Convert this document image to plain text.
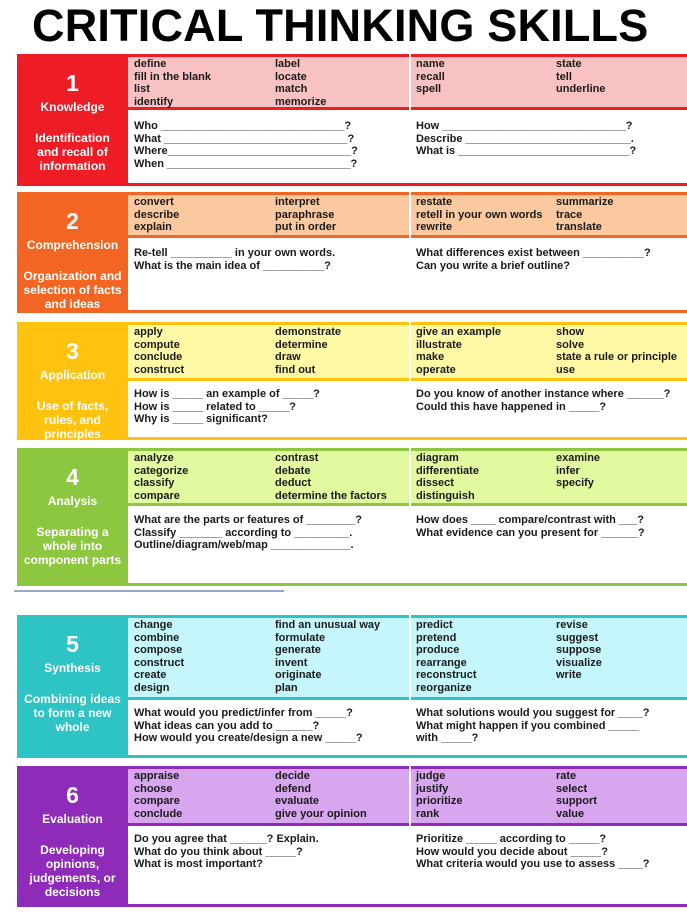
CRITICAL THINKING SKILLS
1
Knowledge
Identification and recall of information
define
fill in the blank
list
identify
label
locate
match
memorize
name
recall
spell
state
tell
underline
Who ______________________________?
What ______________________________?
Where______________________________?
When ______________________________?
How ______________________________?
Describe ___________________________.
What is ____________________________?
2
Comprehension
Organization and selection of facts and ideas
convert
describe
explain
interpret
paraphrase
put in order
restate
retell in your own words
rewrite
summarize
trace
translate
Re-tell __________ in your own words.
What is the main idea of __________?
What differences exist between __________?
Can you write a brief outline?
3
Application
Use of facts, rules, and principles
apply
compute
conclude
construct
demonstrate
determine
draw
find out
give an example
illustrate
make
operate
show
solve
state a rule or principle
use
How is _____ an example of _____?
How is _____ related to _____?
Why is _____ significant?
Do you know of another instance where ______?
Could this have happened in _____?
4
Analysis
Separating a whole into component parts
analyze
categorize
classify
compare
contrast
debate
deduct
determine the factors
diagram
differentiate
dissect
distinguish
examine
infer
specify
What are the parts or features of ________?
Classify _______ according to _________.
Outline/diagram/web/map _____________.
How does ____ compare/contrast with ___?
What evidence can you present for ______?
5
Synthesis
Combining ideas to form a new whole
change
combine
compose
construct
create
design
find an unusual way
formulate
generate
invent
originate
plan
predict
pretend
produce
rearrange
reconstruct
reorganize
revise
suggest
suppose
visualize
write
What would you predict/infer from _____?
What ideas can you add to ______?
How would you create/design a new _____?
What solutions would you suggest for ____?
What might happen if you combined _____
with _____?
6
Evaluation
Developing opinions, judgements, or decisions
appraise
choose
compare
conclude
decide
defend
evaluate
give your opinion
judge
justify
prioritize
rank
rate
select
support
value
Do you agree that ______? Explain.
What do you think about _____?
What is most important?
Prioritize _____ according to _____?
How would you decide about _____?
What criteria would you use to assess ____?
